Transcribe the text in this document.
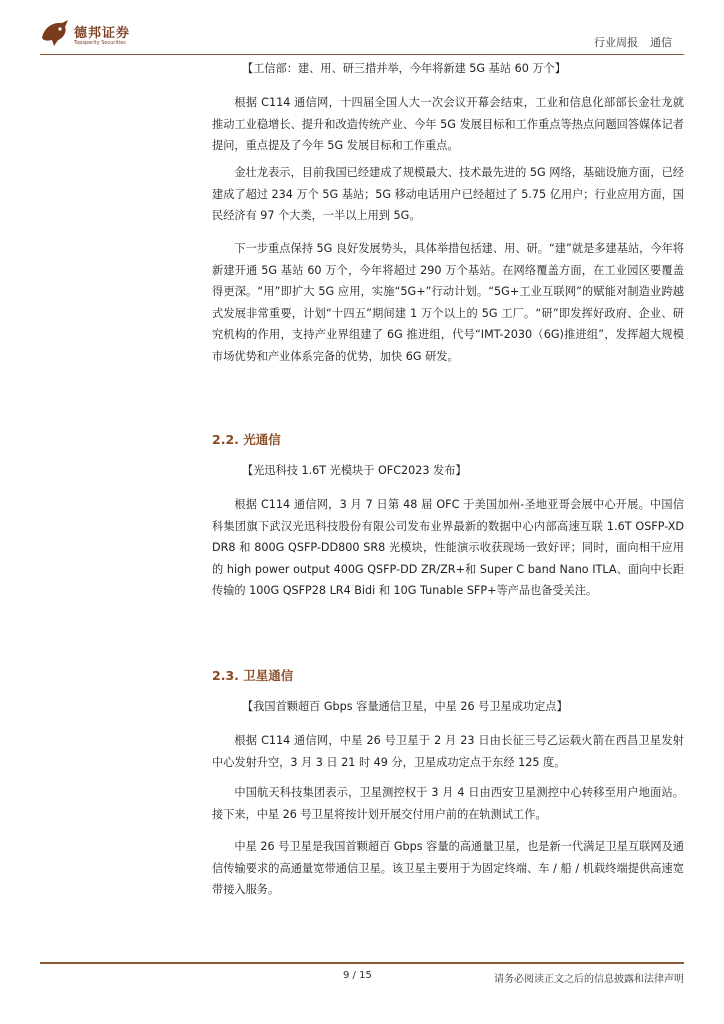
德邦证券
Topsperity Securities	行业周报 通信
【工信部：建、用、研三措并举，今年将新建 5G 基站 60 万个】

根据 C114 通信网，十四届全国人大一次会议开幕会结束，工业和信息化部部长金壮龙就推动工业稳增长、提升和改造传统产业、今年 5G 发展目标和工作重点等热点问题回答媒体记者提问，重点提及了今年 5G 发展目标和工作重点。

金壮龙表示，目前我国已经建成了规模最大、技术最先进的 5G 网络，基础设施方面，已经建成了超过 234 万个 5G 基站；5G 移动电话用户已经超过了 5.75 亿用户；行业应用方面，国民经济有 97 个大类，一半以上用到 5G。

下一步重点保持 5G 良好发展势头，具体举措包括建、用、研。“建”就是多建基站，今年将新建开通 5G 基站 60 万个，今年将超过 290 万个基站。在网络覆盖方面，在工业园区要覆盖得更深。“用”即扩大 5G 应用，实施“5G+”行动计划。“5G+工业互联网”的赋能对制造业跨越式发展非常重要，计划“十四五”期间建 1 万个以上的 5G 工厂。“研”即发挥好政府、企业、研究机构的作用，支持产业界组建了 6G 推进组，代号“IMT-2030（6G)推进组”，发挥超大规模市场优势和产业体系完备的优势，加快 6G 研发。

2.2. 光通信
【光迅科技 1.6T 光模块于 OFC2023 发布】

根据 C114 通信网，3 月 7 日第 48 届 OFC 于美国加州-圣地亚哥会展中心开展。中国信科集团旗下武汉光迅科技股份有限公司发布业界最新的数据中心内部高速互联 1.6T OSFP-XD DR8 和 800G QSFP-DD800 SR8 光模块，性能演示收获现场一致好评；同时，面向相干应用的 high power output 400G QSFP-DD ZR/ZR+和 Super C band Nano ITLA、面向中长距传输的 100G QSFP28 LR4 Bidi 和 10G Tunable SFP+等产品也备受关注。

2.3. 卫星通信
【我国首颗超百 Gbps 容量通信卫星，中星 26 号卫星成功定点】

根据 C114 通信网，中星 26 号卫星于 2 月 23 日由长征三号乙运载火箭在西昌卫星发射中心发射升空，3 月 3 日 21 时 49 分，卫星成功定点于东经 125 度。

中国航天科技集团表示，卫星测控权于 3 月 4 日由西安卫星测控中心转移至用户地面站。接下来，中星 26 号卫星将按计划开展交付用户前的在轨测试工作。

中星 26 号卫星是我国首颗超百 Gbps 容量的高通量卫星，也是新一代满足卫星互联网及通信传输要求的高通量宽带通信卫星。该卫星主要用于为固定终端、车 / 船 / 机载终端提供高速宽带接入服务。

9 / 15	请务必阅读正文之后的信息披露和法律声明
